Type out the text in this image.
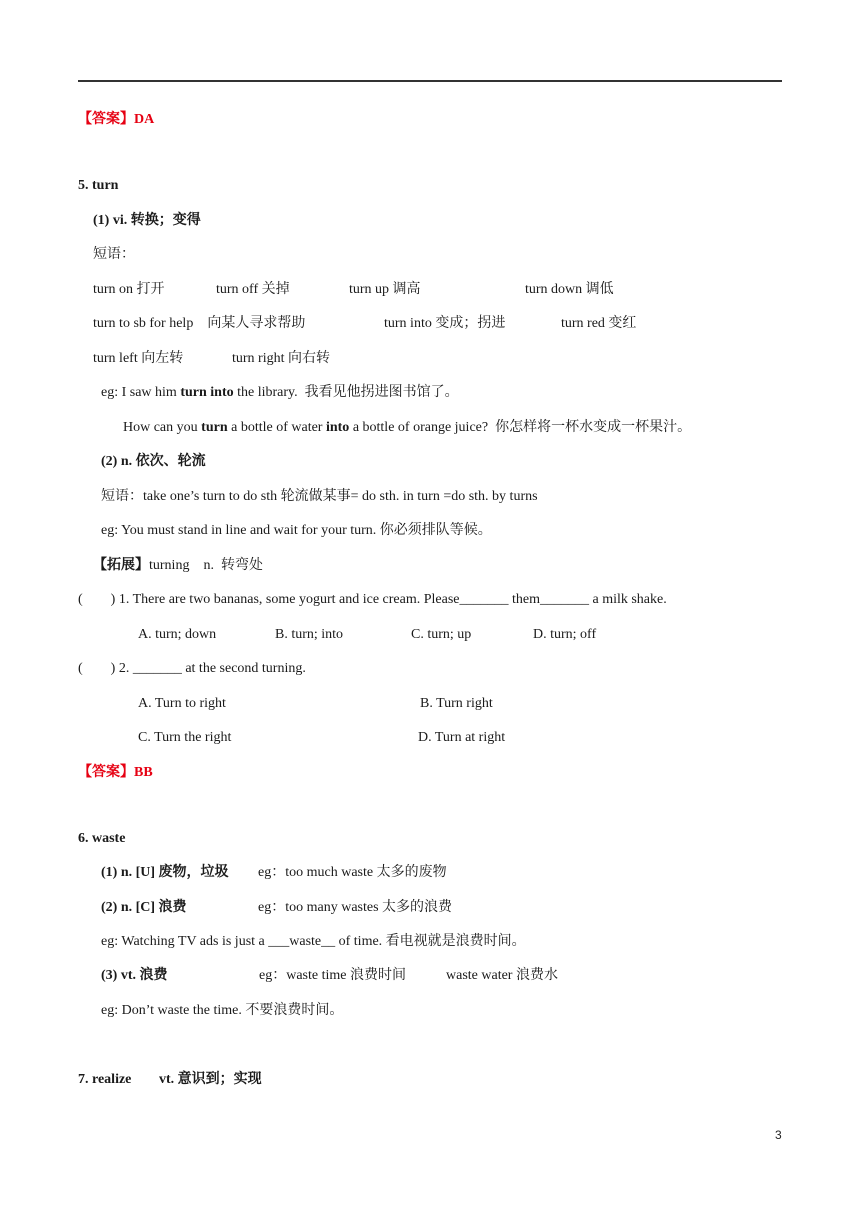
【答案】DA
5. turn
(1) vi. 转换；变得
短语：
turn on 打开	turn off 关掉	turn up 调高	turn down 调低
turn to sb for help    向某人寻求帮助	turn into 变成；拐进	turn red 变红
turn left 向左转	turn right 向右转
eg: I saw him turn into the library.  我看见他拐进图书馆了。
How can you turn a bottle of water into a bottle of orange juice?  你怎样将一杯水变成一杯果汁。
(2) n. 依次、轮流
短语：take one’s turn to do sth 轮流做某事= do sth. in turn =do sth. by turns
eg: You must stand in line and wait for your turn. 你必须排队等候。
【拓展】turning    n.  转弯处
(        ) 1. There are two bananas, some yogurt and ice cream. Please_______ them_______ a milk shake.
A. turn; down	B. turn; into	C. turn; up	D. turn; off
(        ) 2. _______ at the second turning.
A. Turn to right	B. Turn right
C. Turn the right	D. Turn at right
【答案】BB
6. waste
(1) n. [U] 废物，垃圾 eg：too much waste 太多的废物
(2) n. [C] 浪费	eg：too many wastes 太多的浪费
eg: Watching TV ads is just a ___waste__ of time. 看电视就是浪费时间。
(3) vt. 浪费	eg：waste time 浪费时间	waste water 浪费水
eg: Don’t waste the time. 不要浪费时间。
7. realize vt. 意识到；实现
3
